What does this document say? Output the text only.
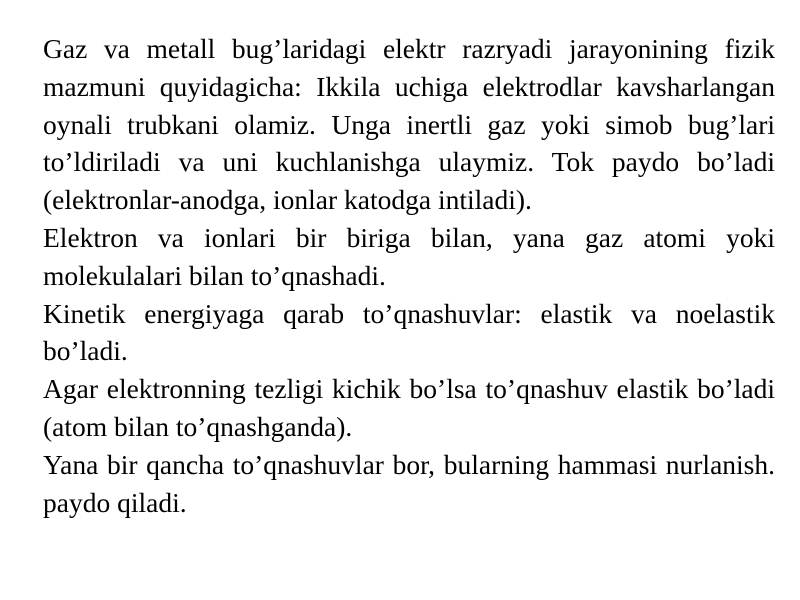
Gaz va metall bug’laridagi elektr razryadi jarayonining fizik mazmuni quyidagicha: Ikkila uchiga elektrodlar kavsharlangan oynali trubkani olamiz. Unga inertli gaz yoki simob bug’lari to’ldiriladi va uni kuchlanishga ulaymiz. Tok paydo bo’ladi (elektronlar-anodga, ionlar katodga intiladi).

Elektron va ionlari bir biriga bilan, yana gaz atomi yoki molekulalari bilan to’qnashadi.

Kinetik energiyaga qarab to’qnashuvlar: elastik va noelastik bo’ladi.

Agar elektronning tezligi kichik bo’lsa to’qnashuv elastik bo’ladi (atom bilan to’qnashganda).

Yana bir qancha to’qnashuvlar bor, bularning hammasi nurlanish. paydo qiladi.
